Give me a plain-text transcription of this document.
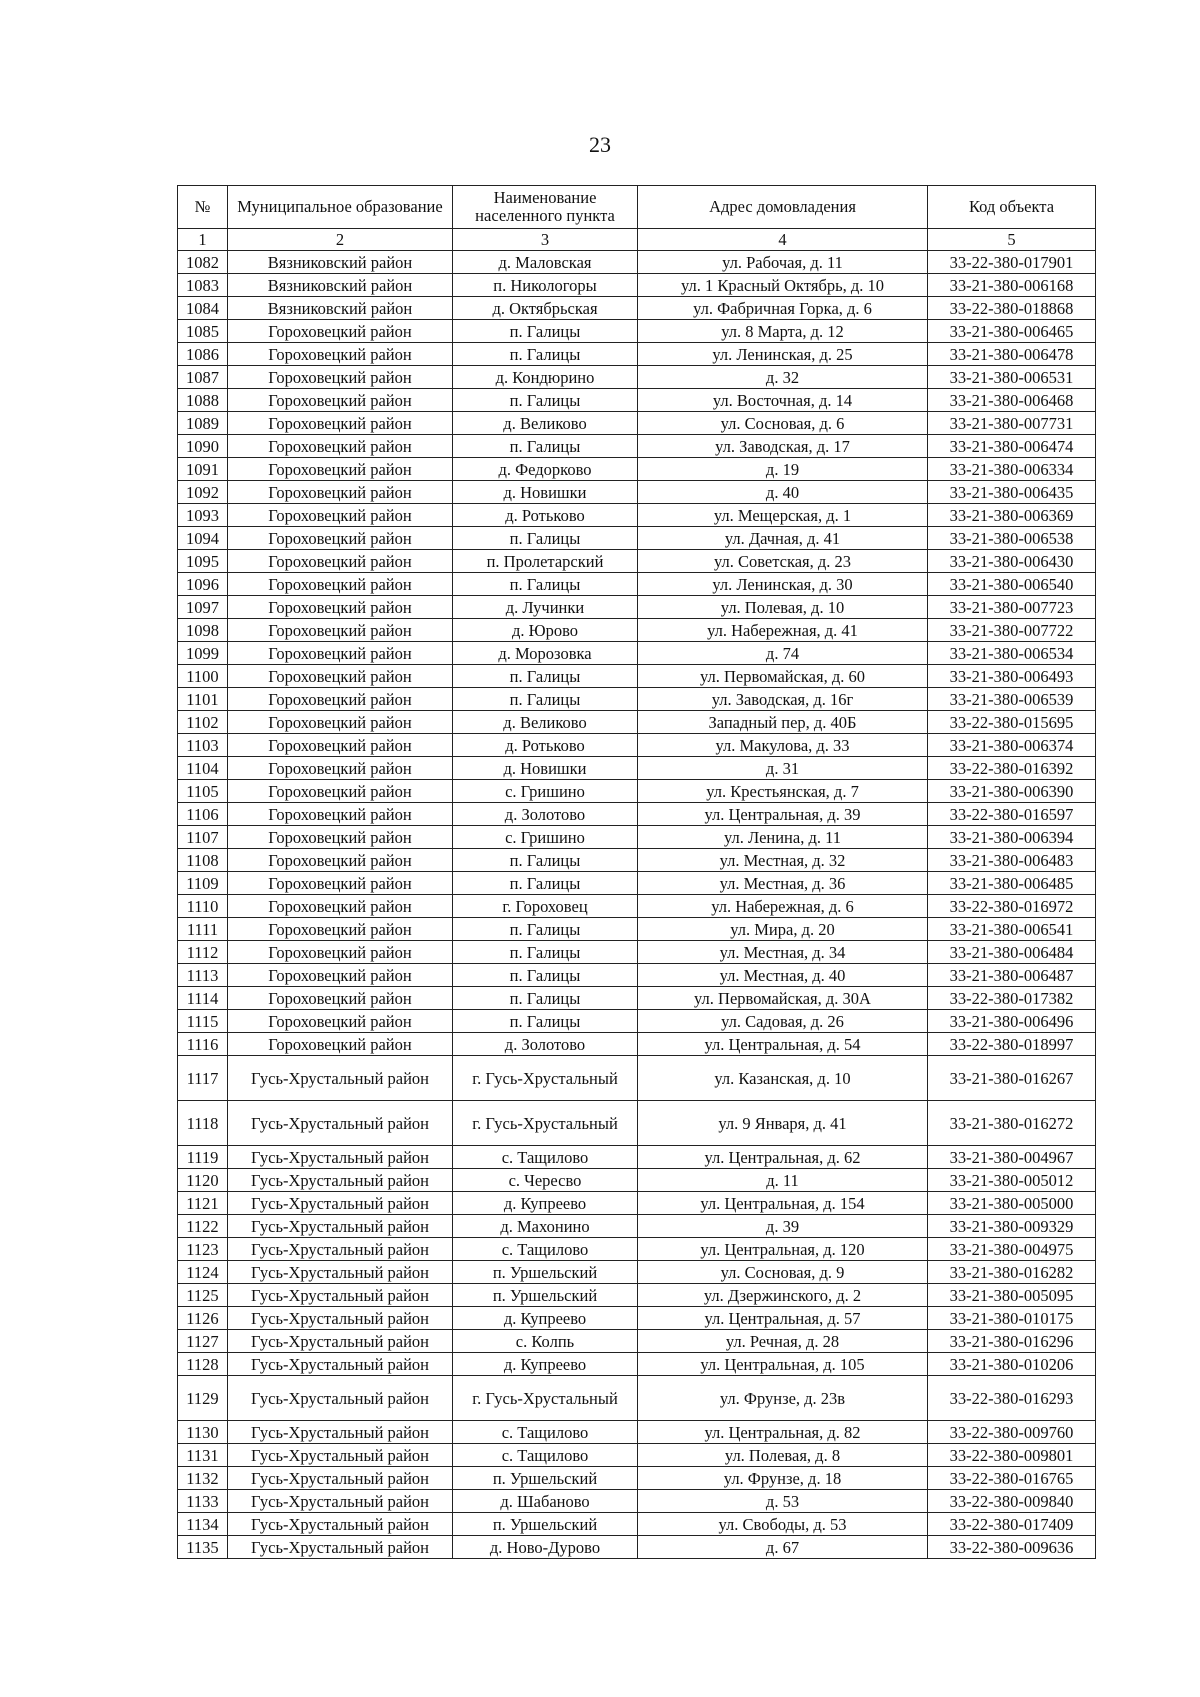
23
№	Муниципальное образование	Наименование населенного пункта	Адрес домовладения	Код объекта
1	2	3	4	5
1082	Вязниковский район	д. Маловская	ул. Рабочая, д. 11	33-22-380-017901
1083	Вязниковский район	п. Никологоры	ул. 1 Красный Октябрь, д. 10	33-21-380-006168
1084	Вязниковский район	д. Октябрьская	ул. Фабричная Горка, д. 6	33-22-380-018868
1085	Гороховецкий район	п. Галицы	ул. 8 Марта, д. 12	33-21-380-006465
1086	Гороховецкий район	п. Галицы	ул. Ленинская, д. 25	33-21-380-006478
1087	Гороховецкий район	д. Кондюрино	д. 32	33-21-380-006531
1088	Гороховецкий район	п. Галицы	ул. Восточная, д. 14	33-21-380-006468
1089	Гороховецкий район	д. Великово	ул. Сосновая, д. 6	33-21-380-007731
1090	Гороховецкий район	п. Галицы	ул. Заводская, д. 17	33-21-380-006474
1091	Гороховецкий район	д. Федорково	д. 19	33-21-380-006334
1092	Гороховецкий район	д. Новишки	д. 40	33-21-380-006435
1093	Гороховецкий район	д. Ротьково	ул. Мещерская, д. 1	33-21-380-006369
1094	Гороховецкий район	п. Галицы	ул. Дачная, д. 41	33-21-380-006538
1095	Гороховецкий район	п. Пролетарский	ул. Советская, д. 23	33-21-380-006430
1096	Гороховецкий район	п. Галицы	ул. Ленинская, д. 30	33-21-380-006540
1097	Гороховецкий район	д. Лучинки	ул. Полевая, д. 10	33-21-380-007723
1098	Гороховецкий район	д. Юрово	ул. Набережная, д. 41	33-21-380-007722
1099	Гороховецкий район	д. Морозовка	д. 74	33-21-380-006534
1100	Гороховецкий район	п. Галицы	ул. Первомайская, д. 60	33-21-380-006493
1101	Гороховецкий район	п. Галицы	ул. Заводская, д. 16г	33-21-380-006539
1102	Гороховецкий район	д. Великово	Западный пер, д. 40Б	33-22-380-015695
1103	Гороховецкий район	д. Ротьково	ул. Макулова, д. 33	33-21-380-006374
1104	Гороховецкий район	д. Новишки	д. 31	33-22-380-016392
1105	Гороховецкий район	с. Гришино	ул. Крестьянская, д. 7	33-21-380-006390
1106	Гороховецкий район	д. Золотово	ул. Центральная, д. 39	33-22-380-016597
1107	Гороховецкий район	с. Гришино	ул. Ленина, д. 11	33-21-380-006394
1108	Гороховецкий район	п. Галицы	ул. Местная, д. 32	33-21-380-006483
1109	Гороховецкий район	п. Галицы	ул. Местная, д. 36	33-21-380-006485
1110	Гороховецкий район	г. Гороховец	ул. Набережная, д. 6	33-22-380-016972
1111	Гороховецкий район	п. Галицы	ул. Мира, д. 20	33-21-380-006541
1112	Гороховецкий район	п. Галицы	ул. Местная, д. 34	33-21-380-006484
1113	Гороховецкий район	п. Галицы	ул. Местная, д. 40	33-21-380-006487
1114	Гороховецкий район	п. Галицы	ул. Первомайская, д. 30А	33-22-380-017382
1115	Гороховецкий район	п. Галицы	ул. Садовая, д. 26	33-21-380-006496
1116	Гороховецкий район	д. Золотово	ул. Центральная, д. 54	33-22-380-018997
1117	Гусь-Хрустальный район	г. Гусь-Хрустальный	ул. Казанская, д. 10	33-21-380-016267
1118	Гусь-Хрустальный район	г. Гусь-Хрустальный	ул. 9 Января, д. 41	33-21-380-016272
1119	Гусь-Хрустальный район	с. Тащилово	ул. Центральная, д. 62	33-21-380-004967
1120	Гусь-Хрустальный район	с. Чересво	д. 11	33-21-380-005012
1121	Гусь-Хрустальный район	д. Купреево	ул. Центральная, д. 154	33-21-380-005000
1122	Гусь-Хрустальный район	д. Махонино	д. 39	33-21-380-009329
1123	Гусь-Хрустальный район	с. Тащилово	ул. Центральная, д. 120	33-21-380-004975
1124	Гусь-Хрустальный район	п. Уршельский	ул. Сосновая, д. 9	33-21-380-016282
1125	Гусь-Хрустальный район	п. Уршельский	ул. Дзержинского, д. 2	33-21-380-005095
1126	Гусь-Хрустальный район	д. Купреево	ул. Центральная, д. 57	33-21-380-010175
1127	Гусь-Хрустальный район	с. Колпь	ул. Речная, д. 28	33-21-380-016296
1128	Гусь-Хрустальный район	д. Купреево	ул. Центральная, д. 105	33-21-380-010206
1129	Гусь-Хрустальный район	г. Гусь-Хрустальный	ул. Фрунзе, д. 23в	33-22-380-016293
1130	Гусь-Хрустальный район	с. Тащилово	ул. Центральная, д. 82	33-22-380-009760
1131	Гусь-Хрустальный район	с. Тащилово	ул. Полевая, д. 8	33-22-380-009801
1132	Гусь-Хрустальный район	п. Уршельский	ул. Фрунзе, д. 18	33-22-380-016765
1133	Гусь-Хрустальный район	д. Шабаново	д. 53	33-22-380-009840
1134	Гусь-Хрустальный район	п. Уршельский	ул. Свободы, д. 53	33-22-380-017409
1135	Гусь-Хрустальный район	д. Ново-Дурово	д. 67	33-22-380-009636
